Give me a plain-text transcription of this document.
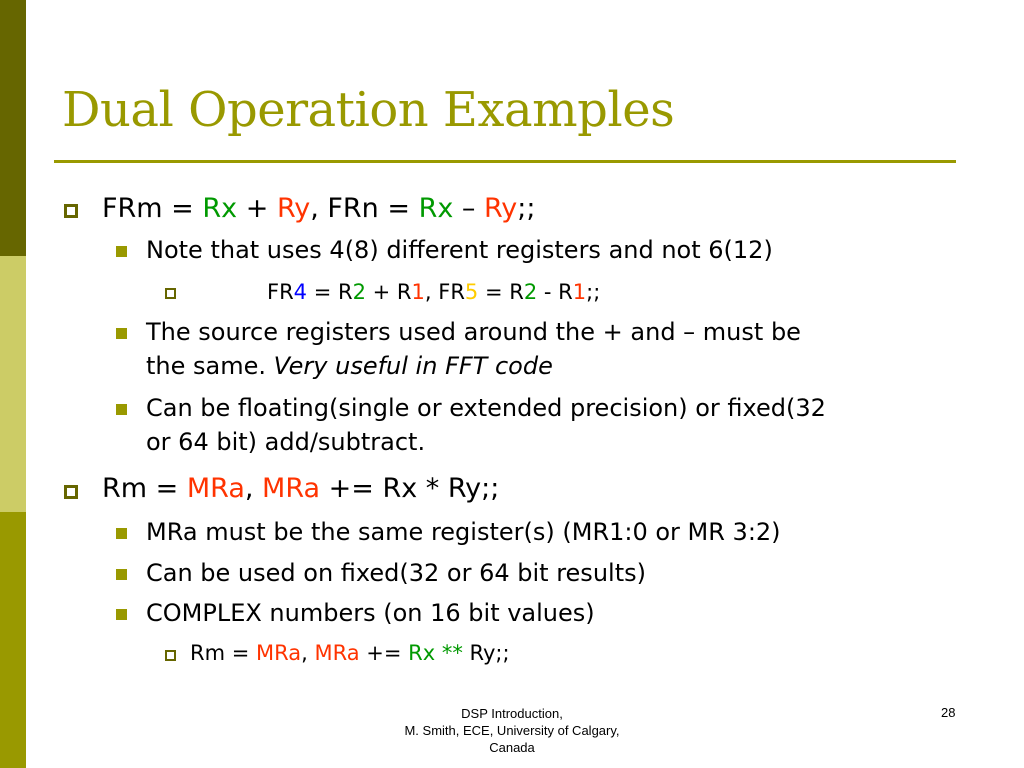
Dual Operation Examples
FRm = Rx + Ry, FRn = Rx – Ry;;
Note that uses 4(8) different registers and not 6(12)
FR4 = R2 + R1, FR5 = R2 - R1;;
The source registers used around the + and – must be
the same. Very useful in FFT code
Can be floating(single or extended precision) or fixed(32
or 64 bit) add/subtract.
Rm = MRa, MRa += Rx * Ry;;
MRa must be the same register(s) (MR1:0 or MR 3:2)
Can be used on fixed(32 or 64 bit results)
COMPLEX numbers (on 16 bit values)
Rm = MRa, MRa += Rx ** Ry;;
DSP Introduction,
M. Smith, ECE, University of Calgary,
Canada
28
